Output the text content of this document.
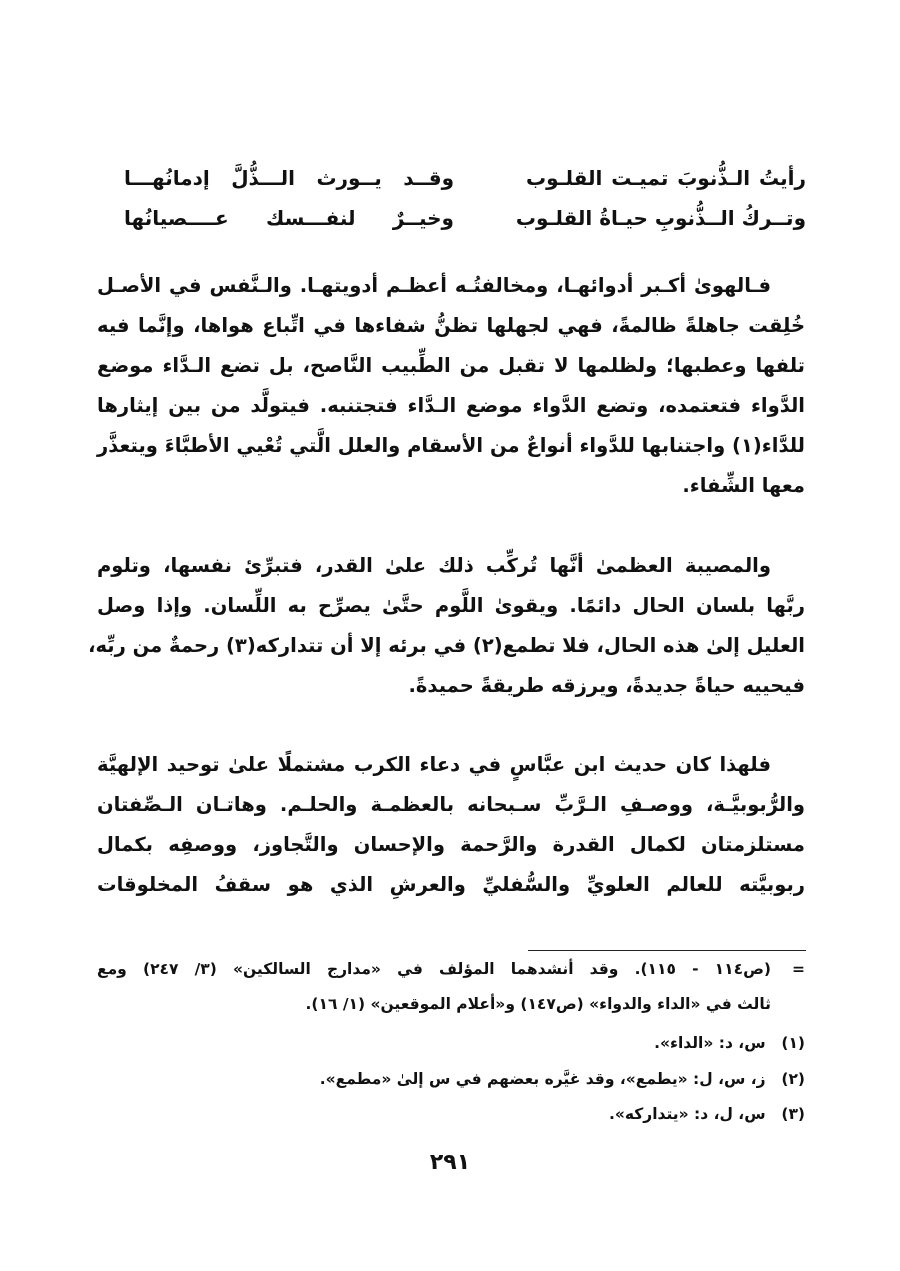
رأيتُ الـذُّنوبَ تميـت القلـوب
وقــد يــورث الـــذُّلَّ إدمانُهـــا
وتــركُ الــذُّنوبِ حيـاةُ القلـوب
وخيــرٌ لنفـــسك عــــصيانُها
فـالهوىٰ أكـبر أدوائهـا، ومخالفتُـه أعظـم أدويتهـا. والـنَّفس في الأصـل
خُلِقت جاهلةً ظالمةً، فهي لجهلها تظنُّ شفاءها في اتِّباع هواها، وإنَّما فيه
تلفها وعطبها؛ ولظلمها لا تقبل من الطِّبيب النَّاصح، بل تضع الـدَّاء موضع
الدَّواء فتعتمده، وتضع الدَّواء موضع الـدَّاء فتجتنبه. فيتولَّد من بين إيثارها
للدَّاء(١) واجتنابها للدَّواء أنواعٌ من الأسقام والعلل الَّتي تُعْيي الأطبَّاءَ ويتعذَّر
معها الشِّفاء.
والمصيبة العظمىٰ أنَّها تُركِّب ذلك علىٰ القدر، فتبرِّئ نفسها، وتلوم
ربَّها بلسان الحال دائمًا. ويقوىٰ اللَّوم حتَّىٰ يصرِّح به اللِّسان. وإذا وصل
العليل إلىٰ هذه الحال، فلا تطمع(٢) في برئه إلا أن تتداركه(٣) رحمةٌ من ربِّه،
فيحييه حياةً جديدةً، ويرزقه طريقةً حميدةً.
فلهذا كان حديث ابن عبَّاسٍ في دعاء الكرب مشتملًا علىٰ توحيد الإلهيَّة
والرُّبوبيَّـة، ووصـفِ الـرَّبِّ سـبحانه بالعظمـة والحلـم. وهاتـان الـصِّفتان
مستلزمتان لكمال القدرة والرَّحمة والإحسان والتَّجاوز، ووصفِه بكمال
ربوبيَّته للعالم العلويِّ والسُّفليِّ والعرشِ الذي هو سقفُ المخلوقات
=(ص١١٤ - ١١٥). وقد أنشدهما المؤلف في «مدارج السالكين» (٣/ ٢٤٧) ومع
ثالث في «الداء والدواء» (ص١٤٧) و«أعلام الموقعين» (١/ ١٦).
(١) س، د: «الداء».
(٢) ز، س، ل: «يطمع»، وقد غيَّره بعضهم في س إلىٰ «مطمع».
(٣) س، ل، د: «يتداركه».
٢٩١
